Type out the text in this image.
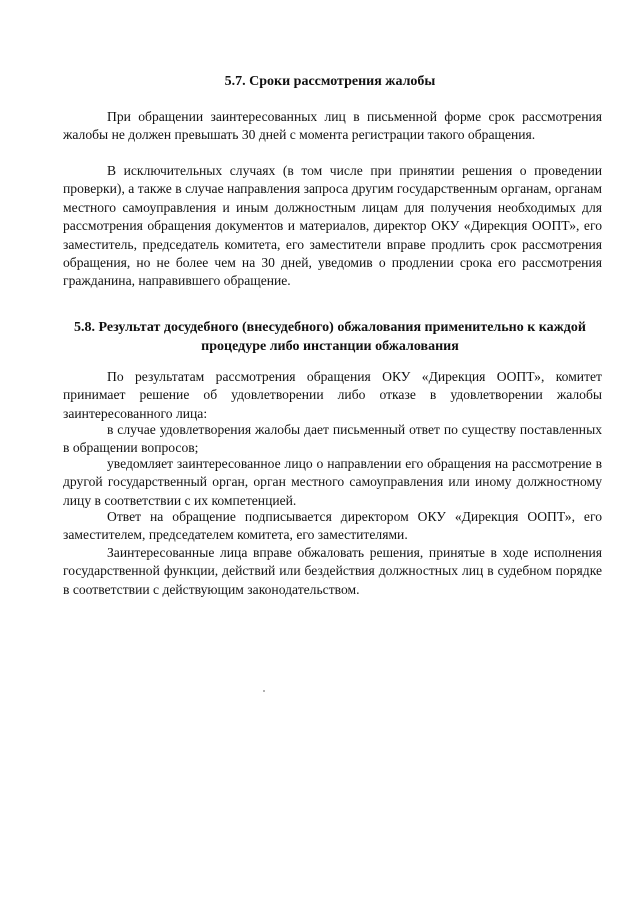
5.7. Сроки рассмотрения жалобы

При обращении заинтересованных лиц в письменной форме срок рассмотрения жалобы не должен превышать 30 дней с момента регистрации такого обращения.

В исключительных случаях (в том числе при принятии решения о проведении проверки), а также в случае направления запроса другим государственным органам, органам местного самоуправления и иным должностным лицам для получения необходимых для рассмотрения обращения документов и материалов, директор ОКУ «Дирекция ООПТ», его заместитель, председатель комитета, его заместители вправе продлить срок рассмотрения обращения, но не более чем на 30 дней, уведомив о продлении срока его рассмотрения гражданина, направившего обращение.

5.8. Результат досудебного (внесудебного) обжалования применительно к каждой процедуре либо инстанции обжалования

По результатам рассмотрения обращения ОКУ «Дирекция ООПТ», комитет принимает решение об удовлетворении либо отказе в удовлетворении жалобы заинтересованного лица:

в случае удовлетворения жалобы дает письменный ответ по существу поставленных в обращении вопросов;

уведомляет заинтересованное лицо о направлении его обращения на рассмотрение в другой государственный орган, орган местного самоуправления или иному должностному лицу в соответствии с их компетенцией.

Ответ на обращение подписывается директором ОКУ «Дирекция ООПТ», его заместителем, председателем комитета, его заместителями.

Заинтересованные лица вправе обжаловать решения, принятые в ходе исполнения государственной функции, действий или бездействия должностных лиц в судебном порядке в соответствии с действующим законодательством.
